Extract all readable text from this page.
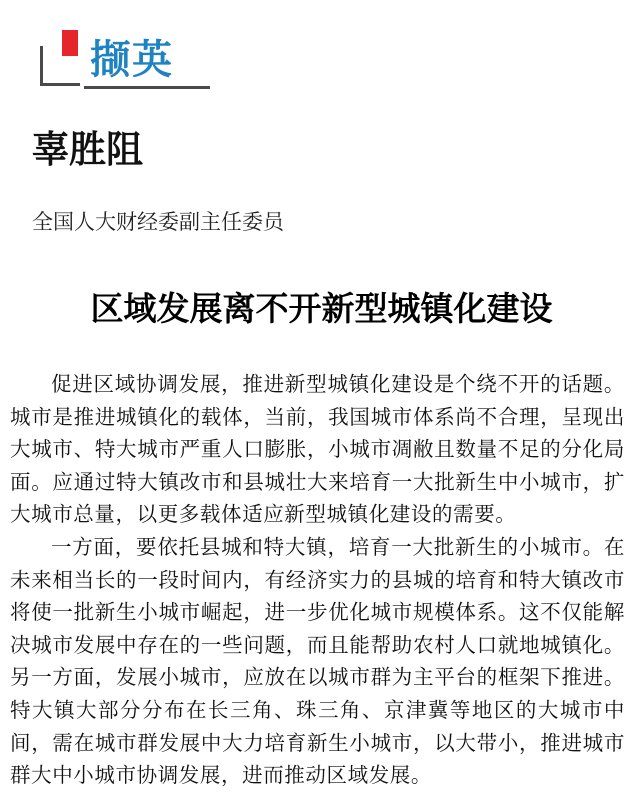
撷英
辜胜阻
全国人大财经委副主任委员
区域发展离不开新型城镇化建设

促进区域协调发展，推进新型城镇化建设是个绕不开的话题。城市是推进城镇化的载体，当前，我国城市体系尚不合理，呈现出大城市、特大城市严重人口膨胀，小城市凋敝且数量不足的分化局面。应通过特大镇改市和县城壮大来培育一大批新生中小城市，扩大城市总量，以更多载体适应新型城镇化建设的需要。

一方面，要依托县城和特大镇，培育一大批新生的小城市。在未来相当长的一段时间内，有经济实力的县城的培育和特大镇改市将使一批新生小城市崛起，进一步优化城市规模体系。这不仅能解决城市发展中存在的一些问题，而且能帮助农村人口就地城镇化。另一方面，发展小城市，应放在以城市群为主平台的框架下推进。特大镇大部分分布在长三角、珠三角、京津冀等地区的大城市中间，需在城市群发展中大力培育新生小城市，以大带小，推进城市群大中小城市协调发展，进而推动区域发展。
